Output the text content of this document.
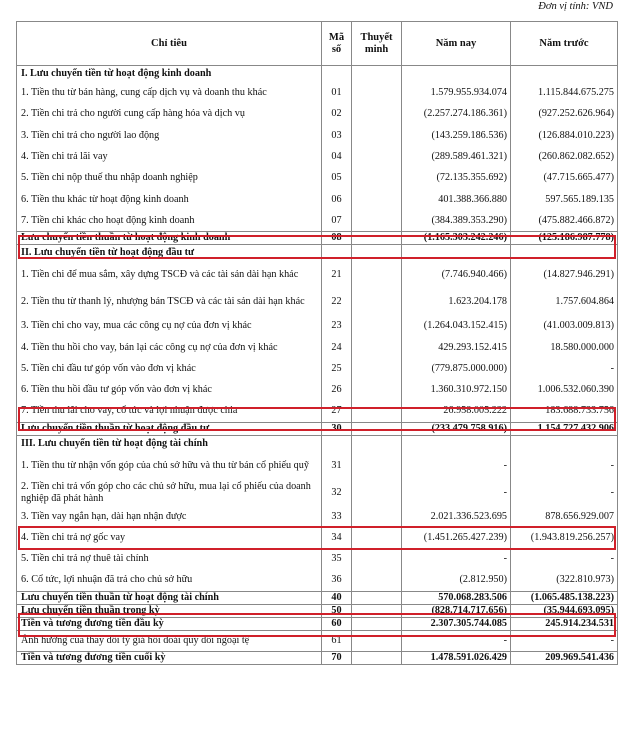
Đơn vị tính: VND
Chỉ tiêu	Mã số	Thuyết minh	Năm nay	Năm trước
I. Lưu chuyển tiền từ hoạt động kinh doanh				
1. Tiền thu từ bán hàng, cung cấp dịch vụ và doanh thu khác	01		1.579.955.934.074	1.115.844.675.275
2. Tiền chi trả cho người cung cấp hàng hóa và dịch vụ	02		(2.257.274.186.361)	(927.252.626.964)
3. Tiền chi trả cho người lao động	03		(143.259.186.536)	(126.884.010.223)
4. Tiền chi trả lãi vay	04		(289.589.461.321)	(260.862.082.652)
5. Tiền chi nộp thuế thu nhập doanh nghiệp	05		(72.135.355.692)	(47.715.665.477)
6. Tiền thu khác từ hoạt động kinh doanh	06		401.388.366.880	597.565.189.135
7. Tiền chi khác cho hoạt động kinh doanh	07		(384.389.353.290)	(475.882.466.872)
Lưu chuyển tiền thuần từ hoạt động kinh doanh	08		(1.165.303.242.246)	(125.186.987.778)
II. Lưu chuyển tiền từ hoạt động đầu tư				
1. Tiền chi để mua sắm, xây dựng TSCĐ và các tài sản dài hạn khác	21		(7.746.940.466)	(14.827.946.291)
2. Tiền thu từ thanh lý, nhượng bán TSCĐ và các tài sản dài hạn khác	22		1.623.204.178	1.757.604.864
3. Tiền chi cho vay, mua các công cụ nợ của đơn vị khác	23		(1.264.043.152.415)	(41.003.009.813)
4. Tiền thu hồi cho vay, bán lại các công cụ nợ của đơn vị khác	24		429.293.152.415	18.580.000.000
5. Tiền chi đầu tư góp vốn vào đơn vị khác	25		(779.875.000.000)	-
6. Tiền thu hồi đầu tư góp vốn vào đơn vị khác	26		1.360.310.972.150	1.006.532.060.390
7. Tiền thu lãi cho vay, cổ tức và lợi nhuận được chia	27		26.958.005.222	183.688.733.756
Lưu chuyển tiền thuần từ hoạt động đầu tư	30		(233.479.758.916)	1.154.727.432.906
III. Lưu chuyển tiền từ hoạt động tài chính				
1. Tiền thu từ nhận vốn góp của chủ sở hữu và thu từ bán cổ phiếu quỹ	31		-	-
2. Tiền chi trả vốn góp cho các chủ sở hữu, mua lại cổ phiếu của doanh nghiệp đã phát hành	32		-	-
3. Tiền vay ngắn hạn, dài hạn nhận được	33		2.021.336.523.695	878.656.929.007
4. Tiền chi trả nợ gốc vay	34		(1.451.265.427.239)	(1.943.819.256.257)
5. Tiền chi trả nợ thuê tài chính	35		-	-
6. Cổ tức, lợi nhuận đã trả cho chủ sở hữu	36		(2.812.950)	(322.810.973)
Lưu chuyển tiền thuần từ hoạt động tài chính	40		570.068.283.506	(1.065.485.138.223)
Lưu chuyển tiền thuần trong kỳ	50		(828.714.717.656)	(35.944.693.095)
Tiền và tương đương tiền đầu kỳ	60		2.307.305.744.085	245.914.234.531
Ảnh hưởng của thay đổi tỷ giá hối đoái quy đổi ngoại tệ	61		-	-
Tiền và tương đương tiền cuối kỳ	70		1.478.591.026.429	209.969.541.436
